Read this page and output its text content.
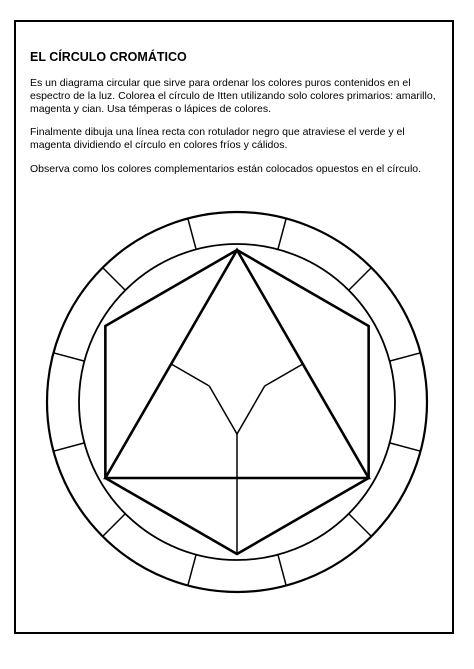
EL CÍRCULO CROMÁTICO

Es un diagrama circular que sirve para ordenar los colores puros contenidos en el espectro de la luz. Colorea el círculo de Itten utilizando solo colores primarios: amarillo, magenta y cian. Usa témperas o lápices de colores.

Finalmente dibuja una línea recta con rotulador negro que atraviese el verde y el magenta dividiendo el círculo en colores fríos y cálidos.

Observa como los colores complementarios están colocados opuestos en el círculo.
